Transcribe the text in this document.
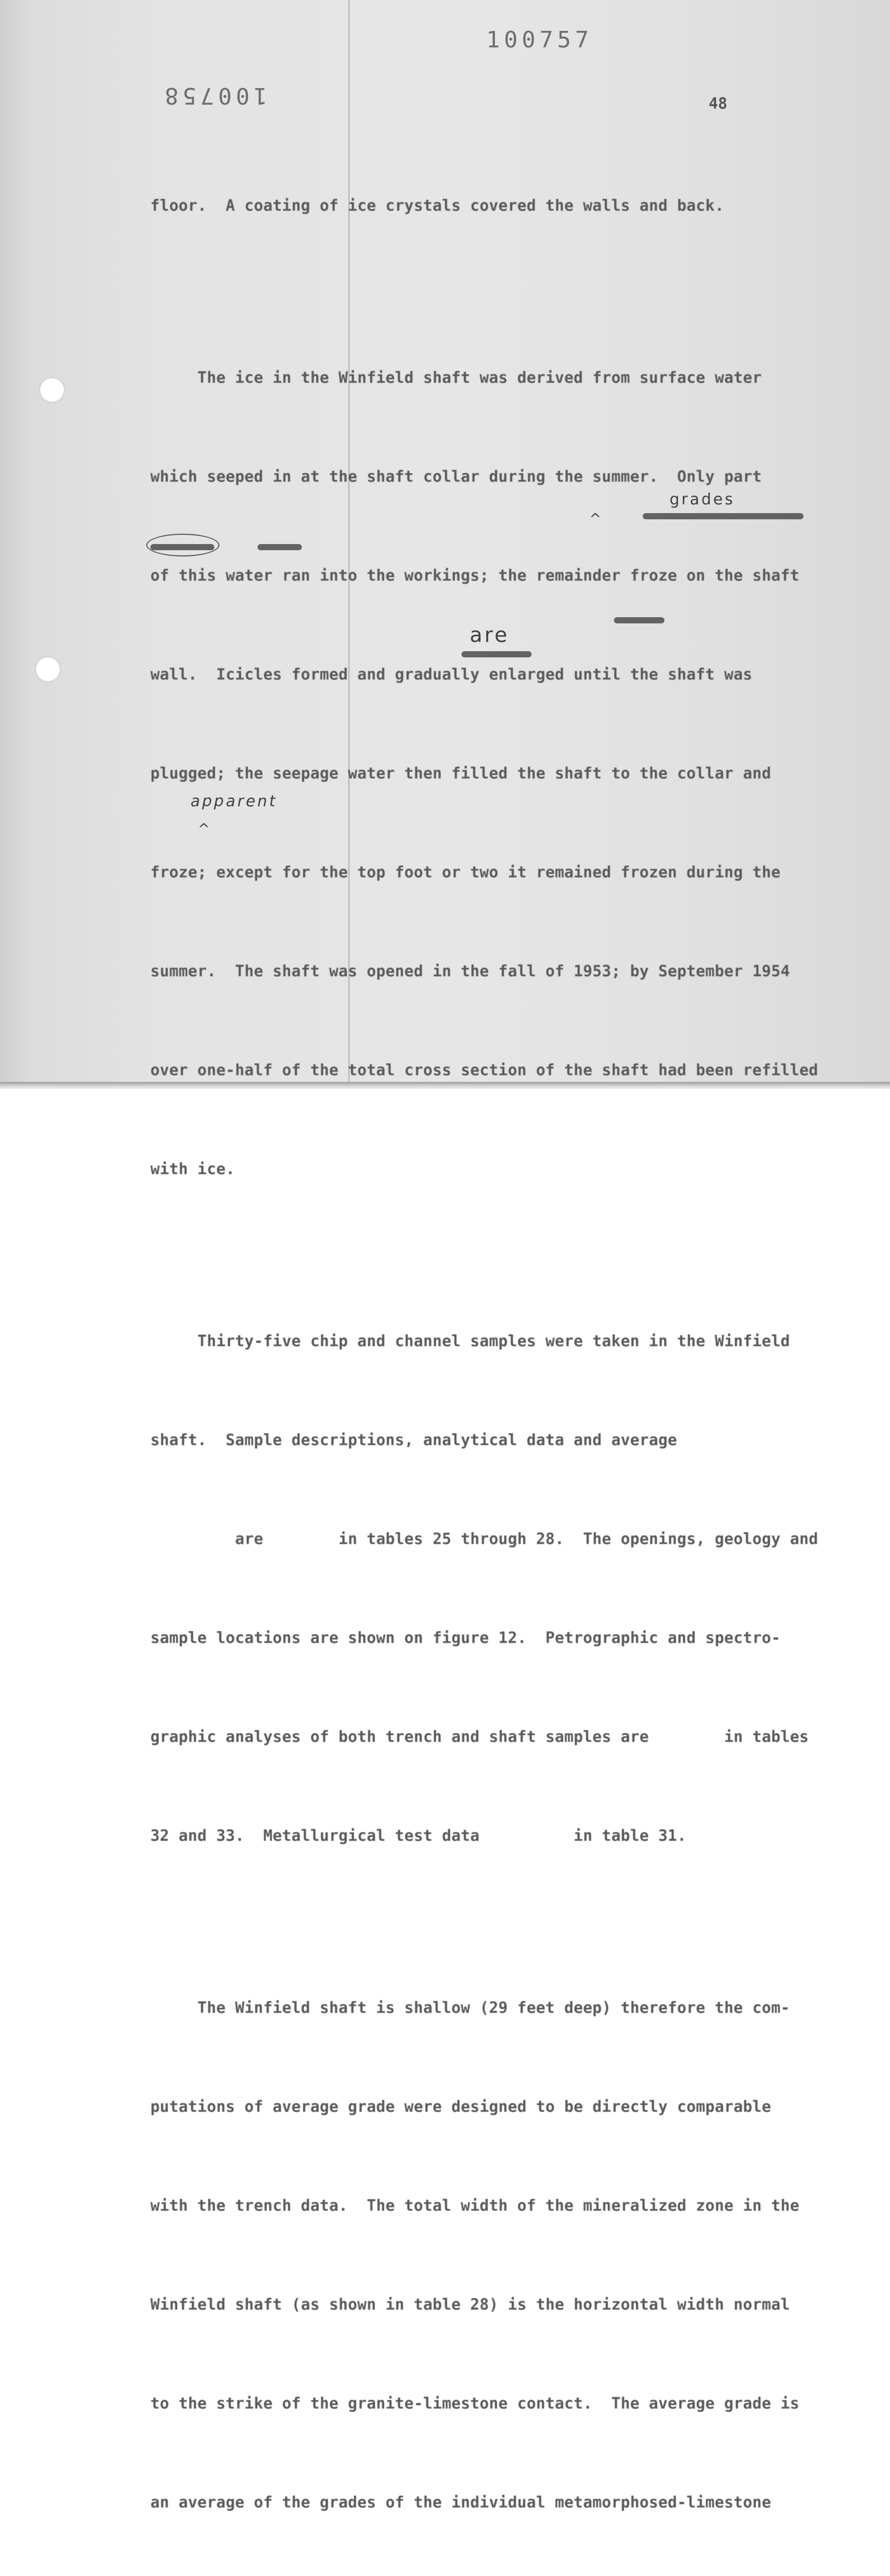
100757
100758	48

floor.  A coating of ice crystals covered the walls and back.

The ice in the Winfield shaft was derived from surface water

which seeped in at the shaft collar during the summer.  Only part

of this water ran into the workings; the remainder froze on the shaft

wall.  Icicles formed and gradually enlarged until the shaft was

plugged; the seepage water then filled the shaft to the collar and

froze; except for the top foot or two it remained frozen during the

summer.  The shaft was opened in the fall of 1953; by September 1954

over one-half of the total cross section of the shaft had been refilled

with ice.

Thirty-five chip and channel samples were taken in the Winfield

shaft.  Sample descriptions, analytical data and average

are        in tables 25 through 28.  The openings, geology and

sample locations are shown on figure 12.  Petrographic and spectro-

graphic analyses of both trench and shaft samples are        in tables

32 and 33.  Metallurgical test data          in table 31.

The Winfield shaft is shallow (29 feet deep) therefore the com-

putations of average grade were designed to be directly comparable

with the trench data.  The total width of the mineralized zone in the

Winfield shaft (as shown in table 28) is the horizontal width normal

to the strike of the granite-limestone contact.  The average grade is

an average of the grades of the individual metamorphosed-limestone

grades
are
^
apparent
^
